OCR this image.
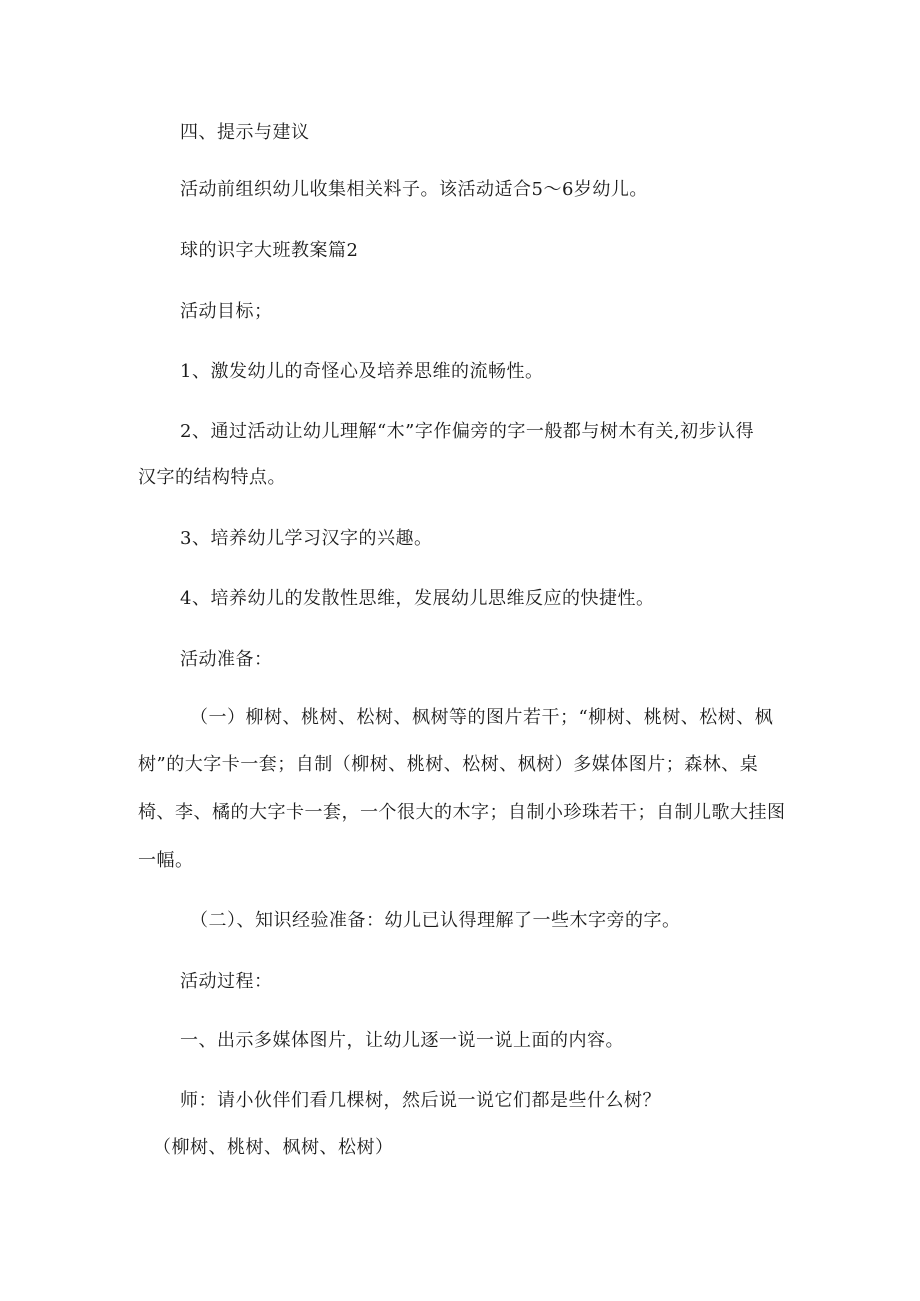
四、提示与建议
活动前组织幼儿收集相关料子。该活动适合5～6岁幼儿。
球的识字大班教案篇2
活动目标；
1、激发幼儿的奇怪心及培养思维的流畅性。
2、通过活动让幼儿理解“木”字作偏旁的字一般都与树木有关,初步认得
汉字的结构特点。
3、培养幼儿学习汉字的兴趣。
4、培养幼儿的发散性思维，发展幼儿思维反应的快捷性。
活动准备：
（一）柳树、桃树、松树、枫树等的图片若干；“柳树、桃树、松树、枫
树”的大字卡一套；自制（柳树、桃树、松树、枫树）多媒体图片；森林、桌
椅、李、橘的大字卡一套，一个很大的木字；自制小珍珠若干；自制儿歌大挂图
一幅。
（二）、知识经验准备：幼儿已认得理解了一些木字旁的字。
活动过程：
一、出示多媒体图片，让幼儿逐一说一说上面的内容。
师：请小伙伴们看几棵树，然后说一说它们都是些什么树？
（柳树、桃树、枫树、松树）
